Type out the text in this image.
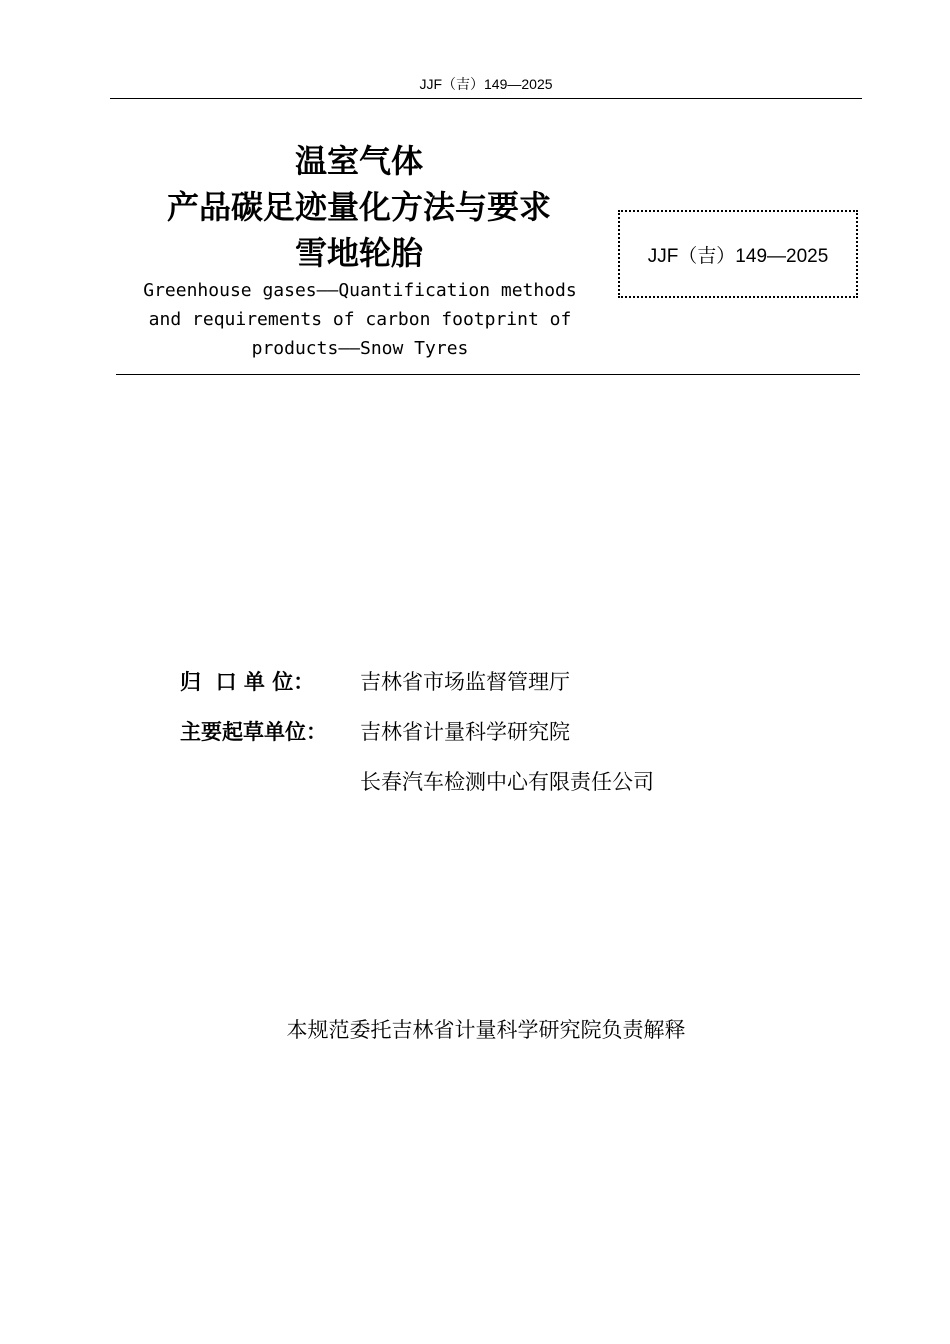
JJF（吉）149—2025
温室气体
产品碳足迹量化方法与要求
雪地轮胎
Greenhouse gases——Quantification methods
and requirements of carbon footprint of
products——Snow Tyres
JJF（吉）149—2025
归  口 单 位： 吉林省市场监督管理厅
主要起草单位： 吉林省计量科学研究院
长春汽车检测中心有限责任公司
本规范委托吉林省计量科学研究院负责解释
